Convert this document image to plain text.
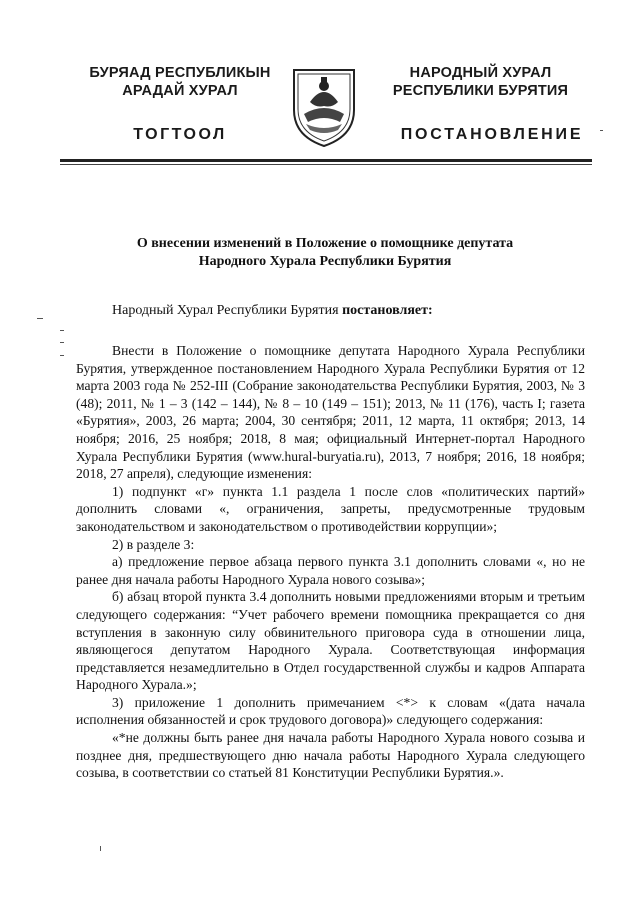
БУРЯАД РЕСПУБЛИКЫН
АРАДАЙ ХУРАЛ
НАРОДНЫЙ ХУРАЛ
РЕСПУБЛИКИ БУРЯТИЯ
ТОГТООЛ	ПОСТАНОВЛЕНИЕ
О внесении изменений в Положение о помощнике депутата
Народного Хурала Республики Бурятия
Народный Хурал Республики Бурятия постановляет:

Внести в Положение о помощнике депутата Народного Хурала Республики Бурятия, утвержденное постановлением Народного Хурала Республики Бурятия от 12 марта 2003 года № 252-III (Собрание законодательства Республики Бурятия, 2003, № 3 (48); 2011, № 1 – 3 (142 – 144), № 8 – 10 (149 – 151); 2013, № 11 (176), часть I; газета «Бурятия», 2003, 26 марта; 2004, 30 сентября; 2011, 12 марта, 11 октября; 2013, 14 ноября; 2016, 25 ноября; 2018, 8 мая; официальный Интернет-портал Народного Хурала Республики Бурятия (www.hural-buryatia.ru), 2013, 7 ноября; 2016, 18 ноября; 2018, 27 апреля), следующие изменения:

1) подпункт «г» пункта 1.1 раздела 1 после слов «политических партий» дополнить словами «, ограничения, запреты, предусмотренные трудовым законодательством и законодательством о противодействии коррупции»;

2) в разделе 3:

а) предложение первое абзаца первого пункта 3.1 дополнить словами «, но не ранее дня начала работы Народного Хурала нового созыва»;

б) абзац второй пункта 3.4 дополнить новыми предложениями вторым и третьим следующего содержания: “Учет рабочего времени помощника прекращается со дня вступления в законную силу обвинительного приговора суда в отношении лица, являющегося депутатом Народного Хурала. Соответствующая информация представляется незамедлительно в Отдел государственной службы и кадров Аппарата Народного Хурала.»;

3) приложение 1 дополнить примечанием <*> к словам «(дата начала исполнения обязанностей и срок трудового договора)» следующего содержания:

«*не должны быть ранее дня начала работы Народного Хурала нового созыва и позднее дня, предшествующего дню начала работы Народного Хурала следующего созыва, в соответствии со статьей 81 Конституции Республики Бурятия.».
